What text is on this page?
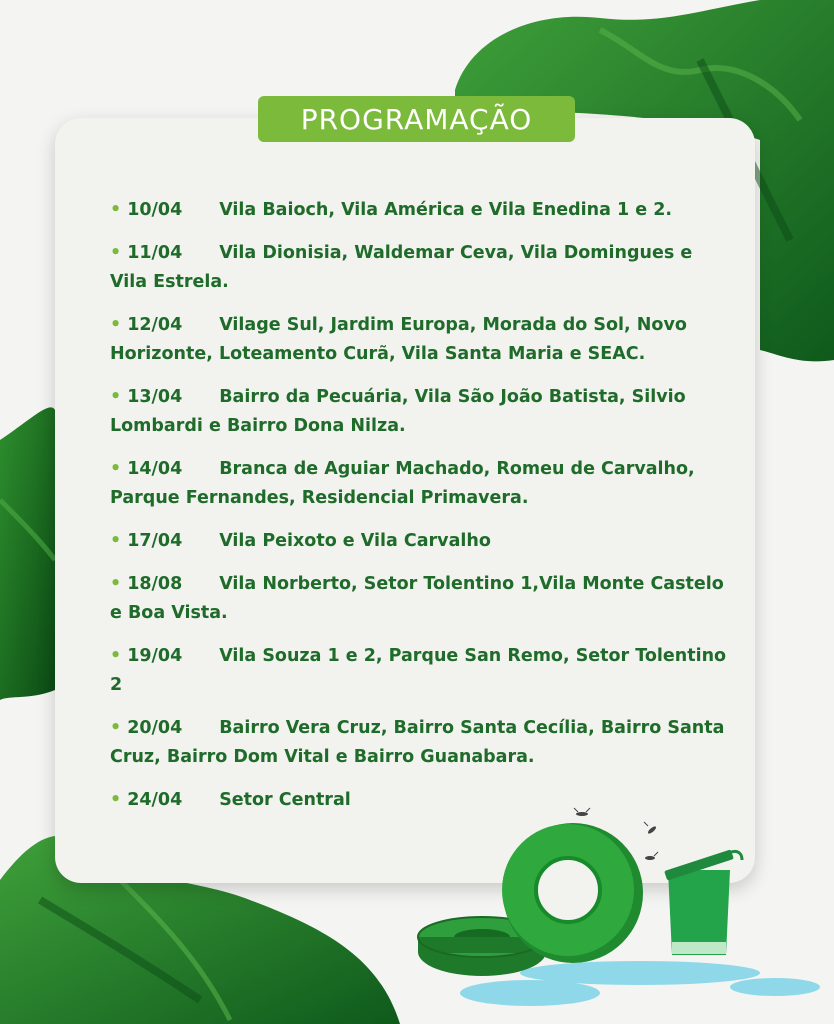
PROGRAMAÇÃO
• 10/04 Vila Baioch, Vila América e Vila Enedina 1 e 2.
• 11/04 Vila Dionisia, Waldemar Ceva, Vila Domingues e Vila Estrela.
• 12/04 Vilage Sul, Jardim Europa, Morada do Sol, Novo Horizonte, Loteamento Curã, Vila Santa Maria e SEAC.
• 13/04 Bairro da Pecuária, Vila São João Batista, Silvio Lombardi e Bairro Dona Nilza.
• 14/04 Branca de Aguiar Machado, Romeu de Carvalho, Parque Fernandes, Residencial Primavera.
• 17/04 Vila Peixoto e Vila Carvalho
• 18/08 Vila Norberto, Setor Tolentino 1,Vila Monte Castelo e Boa Vista.
• 19/04 Vila Souza 1 e 2, Parque San Remo, Setor Tolentino 2
• 20/04 Bairro Vera Cruz, Bairro Santa Cecília, Bairro Santa Cruz, Bairro Dom Vital e Bairro Guanabara.
• 24/04 Setor Central
